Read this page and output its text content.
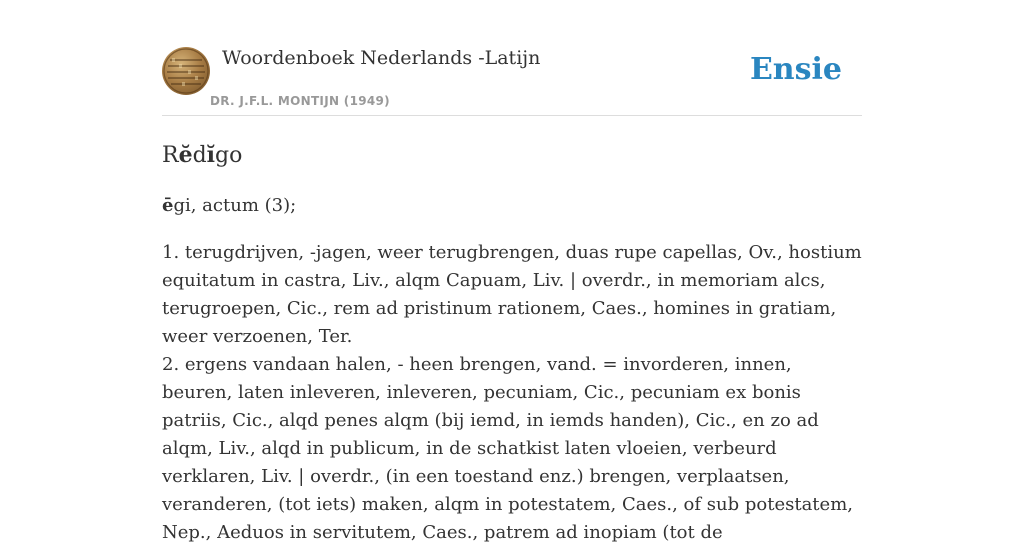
Woordenboek Nederlands -Latijn
DR. J.F.L. MONTIJN (1949)
Ensie
Rĕdĭgo

ēgi, actum (3);

1. terugdrijven, -jagen, weer terugbrengen, duas rupe capellas, Ov., hostium equitatum in castra, Liv., alqm Capuam, Liv. | overdr., in memoriam alcs, terugroepen, Cic., rem ad pristinum rationem, Caes., homines in gratiam, weer verzoenen, Ter.
2. ergens vandaan halen, - heen brengen, vand. = invorderen, innen, beuren, laten inleveren, inleveren, pecuniam, Cic., pecuniam ex bonis patriis, Cic., alqd penes alqm (bij iemd, in iemds handen), Cic., en zo ad alqm, Liv., alqd in publicum, in de schatkist laten vloeien, verbeurd verklaren, Liv. | overdr., (in een toestand enz.) brengen, verplaatsen, veranderen, (tot iets) maken, alqm in potestatem, Caes., of sub potestatem, Nep., Aeduos in servitutem, Caes., patrem ad inopiam (tot de
